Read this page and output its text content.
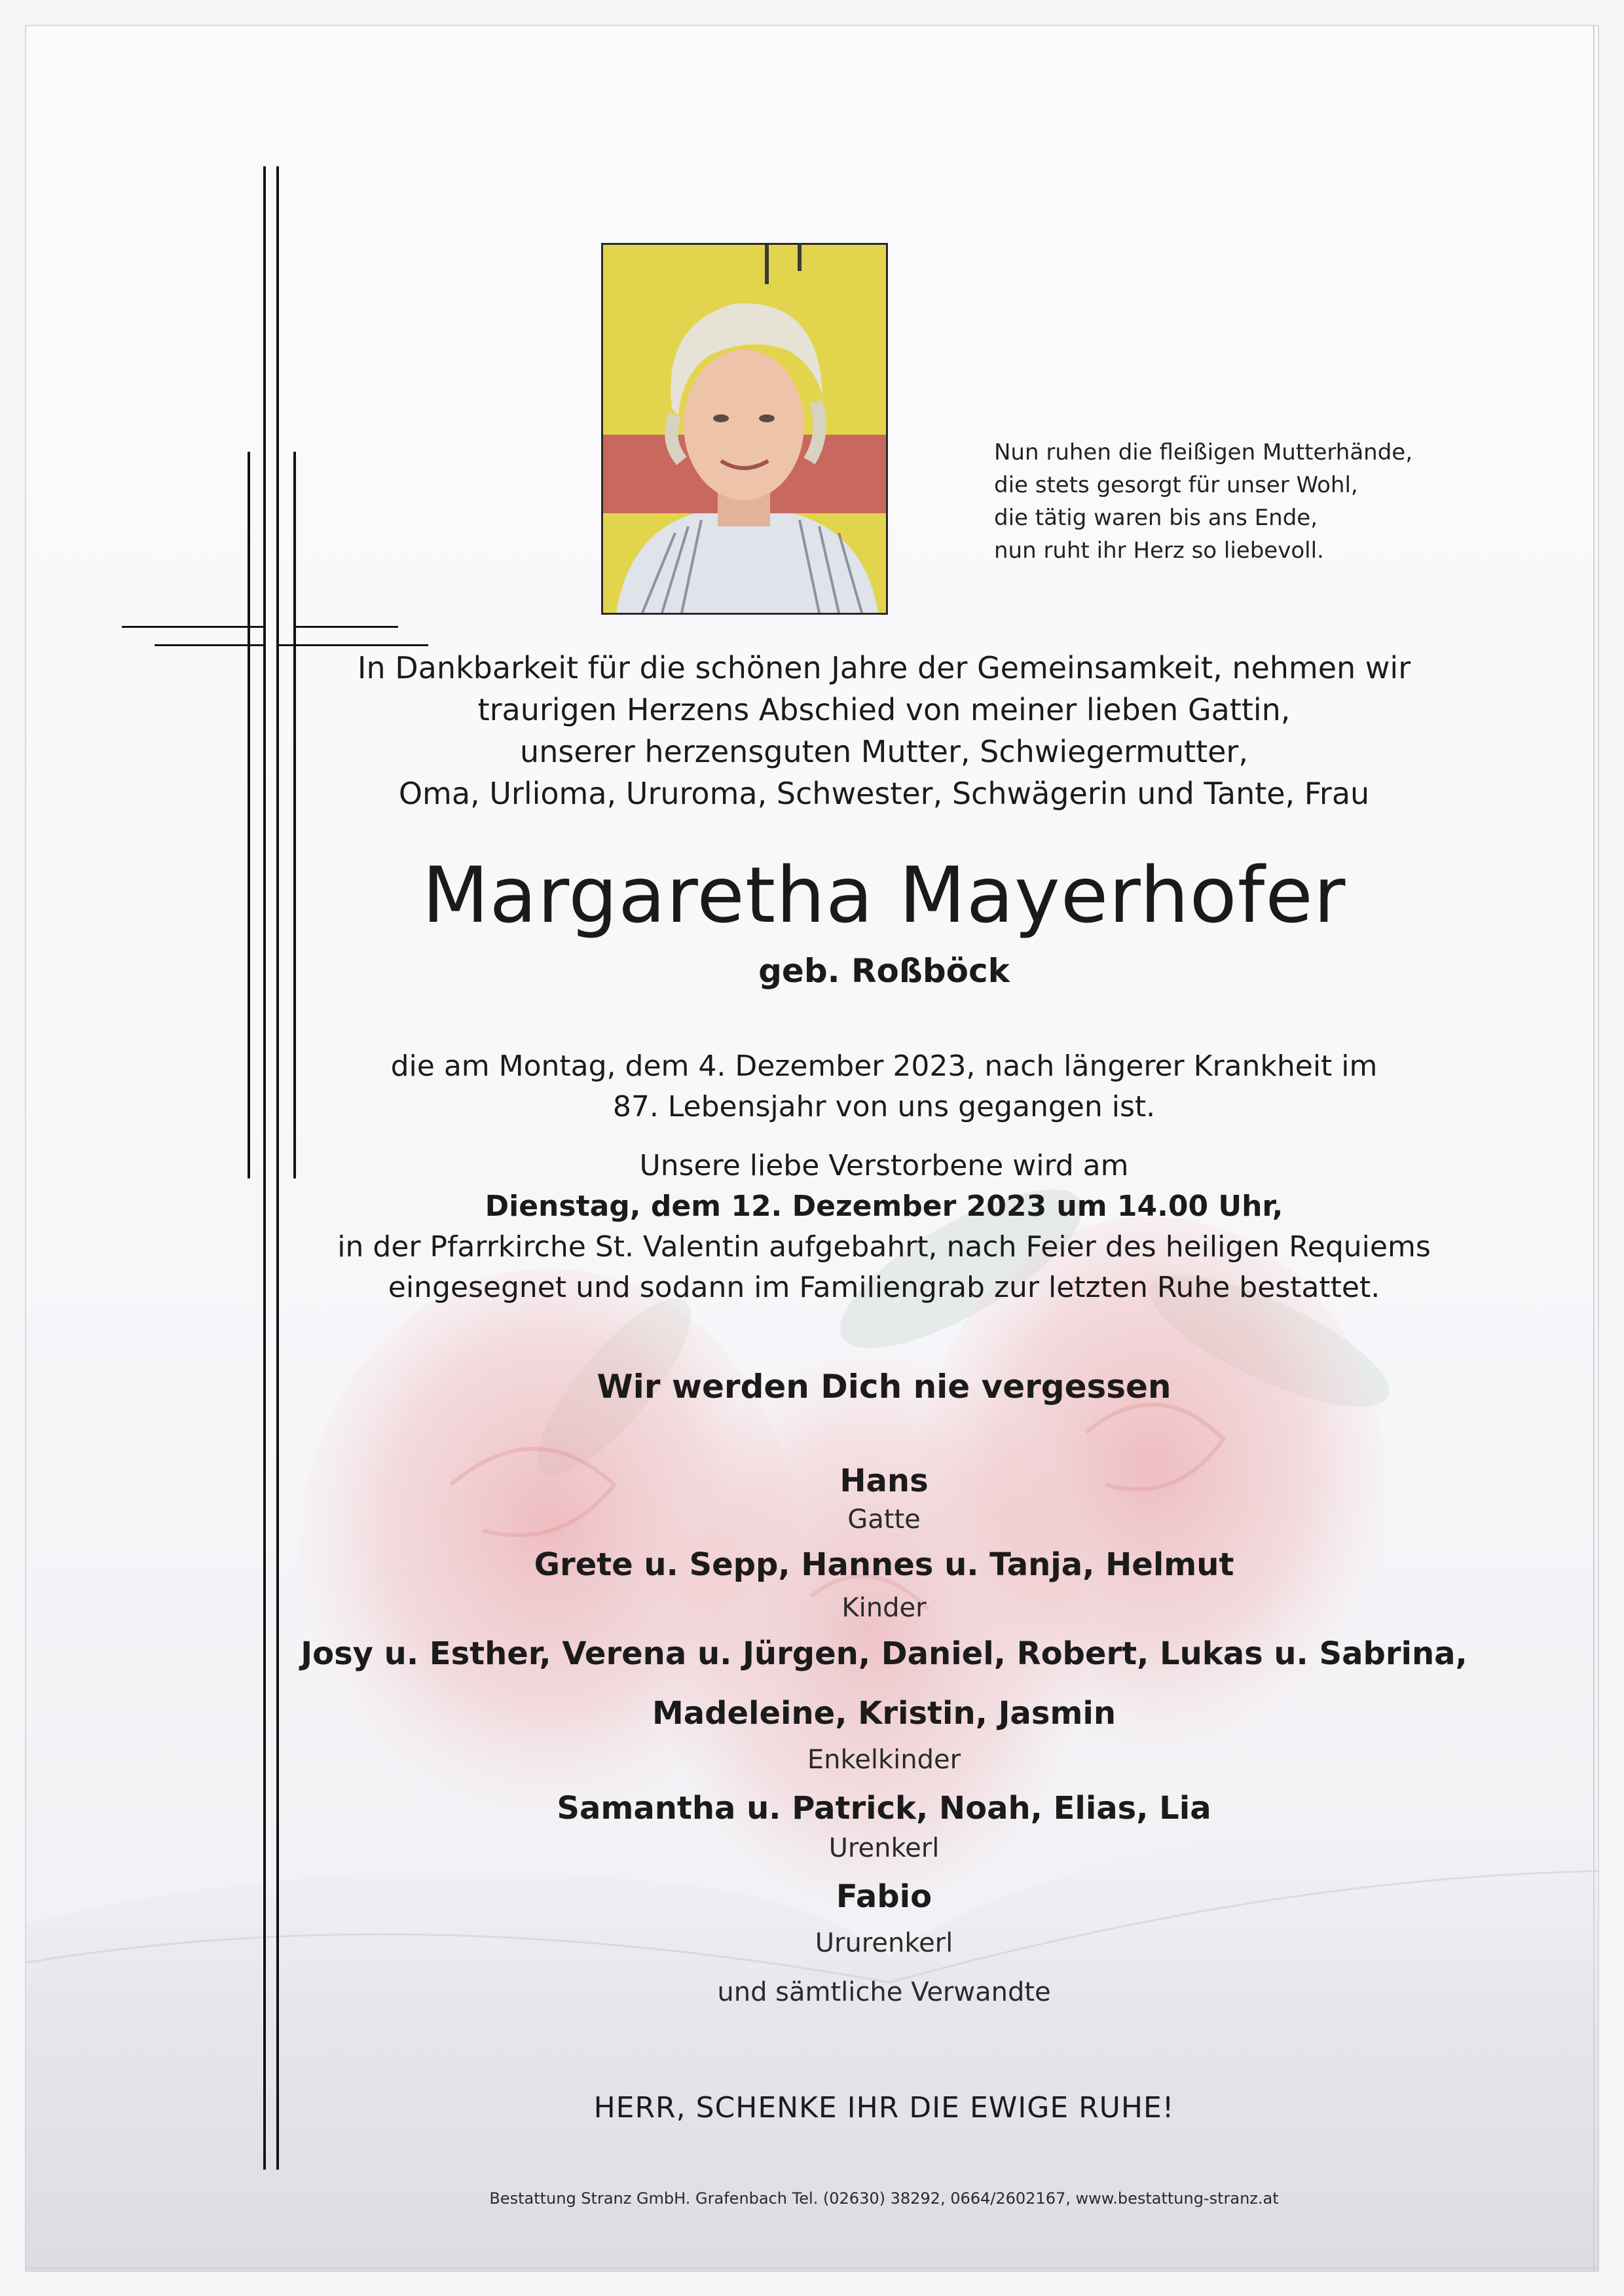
Nun ruhen die fleißigen Mutterhände,
die stets gesorgt für unser Wohl,
die tätig waren bis ans Ende,
nun ruht ihr Herz so liebevoll.
In Dankbarkeit für die schönen Jahre der Gemeinsamkeit, nehmen wir
traurigen Herzens Abschied von meiner lieben Gattin,
unserer herzensguten Mutter, Schwiegermutter,
Oma, Urlioma, Ururoma, Schwester, Schwägerin und Tante, Frau
Margaretha Mayerhofer
geb. Roßböck
die am Montag, dem 4. Dezember 2023, nach längerer Krankheit im
87. Lebensjahr von uns gegangen ist.
Unsere liebe Verstorbene wird am
Dienstag, dem 12. Dezember 2023 um 14.00 Uhr,
in der Pfarrkirche St. Valentin aufgebahrt, nach Feier des heiligen Requiems
eingesegnet und sodann im Familiengrab zur letzten Ruhe bestattet.
Wir werden Dich nie vergessen
Hans
Gatte
Grete u. Sepp, Hannes u. Tanja, Helmut
Kinder
Josy u. Esther, Verena u. Jürgen, Daniel, Robert, Lukas u. Sabrina,
Madeleine, Kristin, Jasmin
Enkelkinder
Samantha u. Patrick, Noah, Elias, Lia
Urenkerl
Fabio
Ururenkerl
und sämtliche Verwandte
HERR, SCHENKE IHR DIE EWIGE RUHE!
Bestattung Stranz GmbH. Grafenbach Tel. (02630) 38292, 0664/2602167, www.bestattung-stranz.at
